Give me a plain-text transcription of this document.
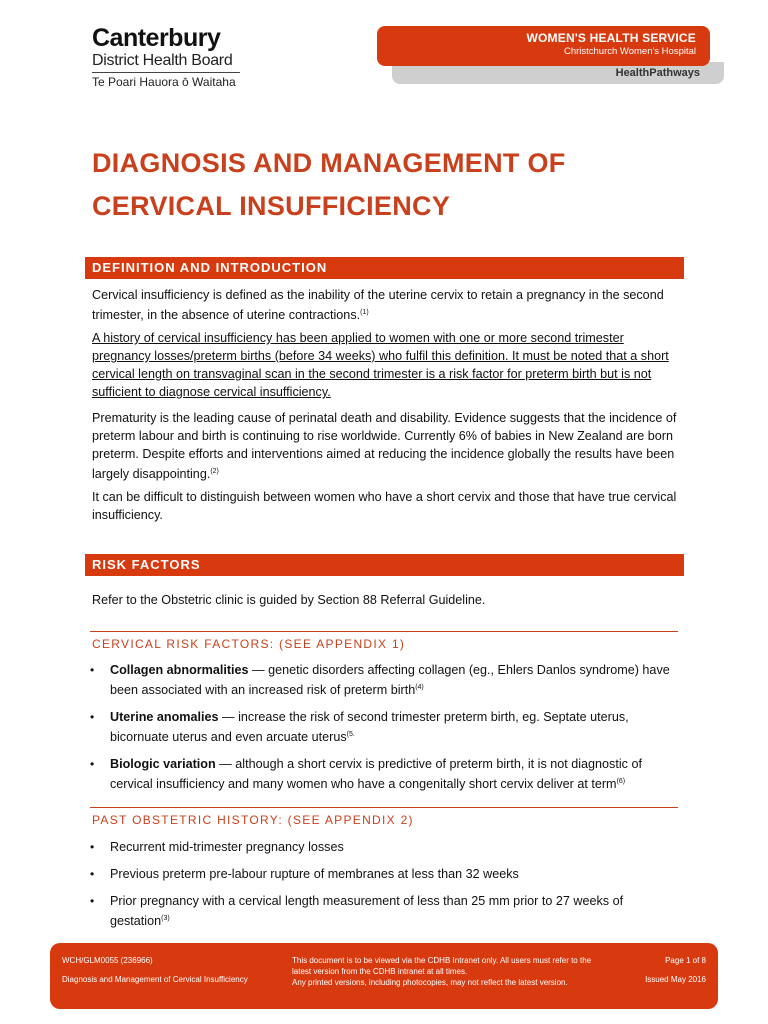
Canterbury
District Health Board
Te Poari Hauora ō Waitaha
HealthPathways
WOMEN'S HEALTH SERVICE
Christchurch Women's Hospital
DIAGNOSIS AND MANAGEMENT OF
CERVICAL INSUFFICIENCY
DEFINITION AND INTRODUCTION

Cervical insufficiency is defined as the inability of the uterine cervix to retain a pregnancy in the second trimester, in the absence of uterine contractions.$^{(1)}$

A history of cervical insufficiency has been applied to women with one or more second trimester pregnancy losses/preterm births (before 34 weeks) who fulfil this definition. It must be noted that a short cervical length on transvaginal scan in the second trimester is a risk factor for preterm birth but is not sufficient to diagnose cervical insufficiency.

Prematurity is the leading cause of perinatal death and disability. Evidence suggests that the incidence of preterm labour and birth is continuing to rise worldwide. Currently 6% of babies in New Zealand are born preterm. Despite efforts and interventions aimed at reducing the incidence globally the results have been largely disappointing.$^{(2)}$

It can be difficult to distinguish between women who have a short cervix and those that have true cervical insufficiency.

RISK FACTORS

Refer to the Obstetric clinic is guided by Section 88 Referral Guideline.

CERVICAL RISK FACTORS: (SEE APPENDIX 1)

• Collagen abnormalities — genetic disorders affecting collagen (eg., Ehlers Danlos syndrome) have been associated with an increased risk of preterm birth$^{(4)}$
• Uterine anomalies — increase the risk of second trimester preterm birth, eg. Septate uterus, bicornuate uterus and even arcuate uterus$^{(5.}$
• Biologic variation — although a short cervix is predictive of preterm birth, it is not diagnostic of cervical insufficiency and many women who have a congenitally short cervix deliver at term$^{(6)}$

PAST OBSTETRIC HISTORY: (SEE APPENDIX 2)

• Recurrent mid-trimester pregnancy losses
• Previous preterm pre-labour rupture of membranes at less than 32 weeks
• Prior pregnancy with a cervical length measurement of less than 25 mm prior to 27 weeks of gestation$^{(3)}$
WCH/GLM0055 (236966)
Diagnosis and Management of Cervical Insufficiency
This document is to be viewed via the CDHB Intranet only. All users must refer to the latest version from the CDHB intranet at all times.
Any printed versions, including photocopies, may not reflect the latest version.
Page 1 of 8
Issued May 2016
